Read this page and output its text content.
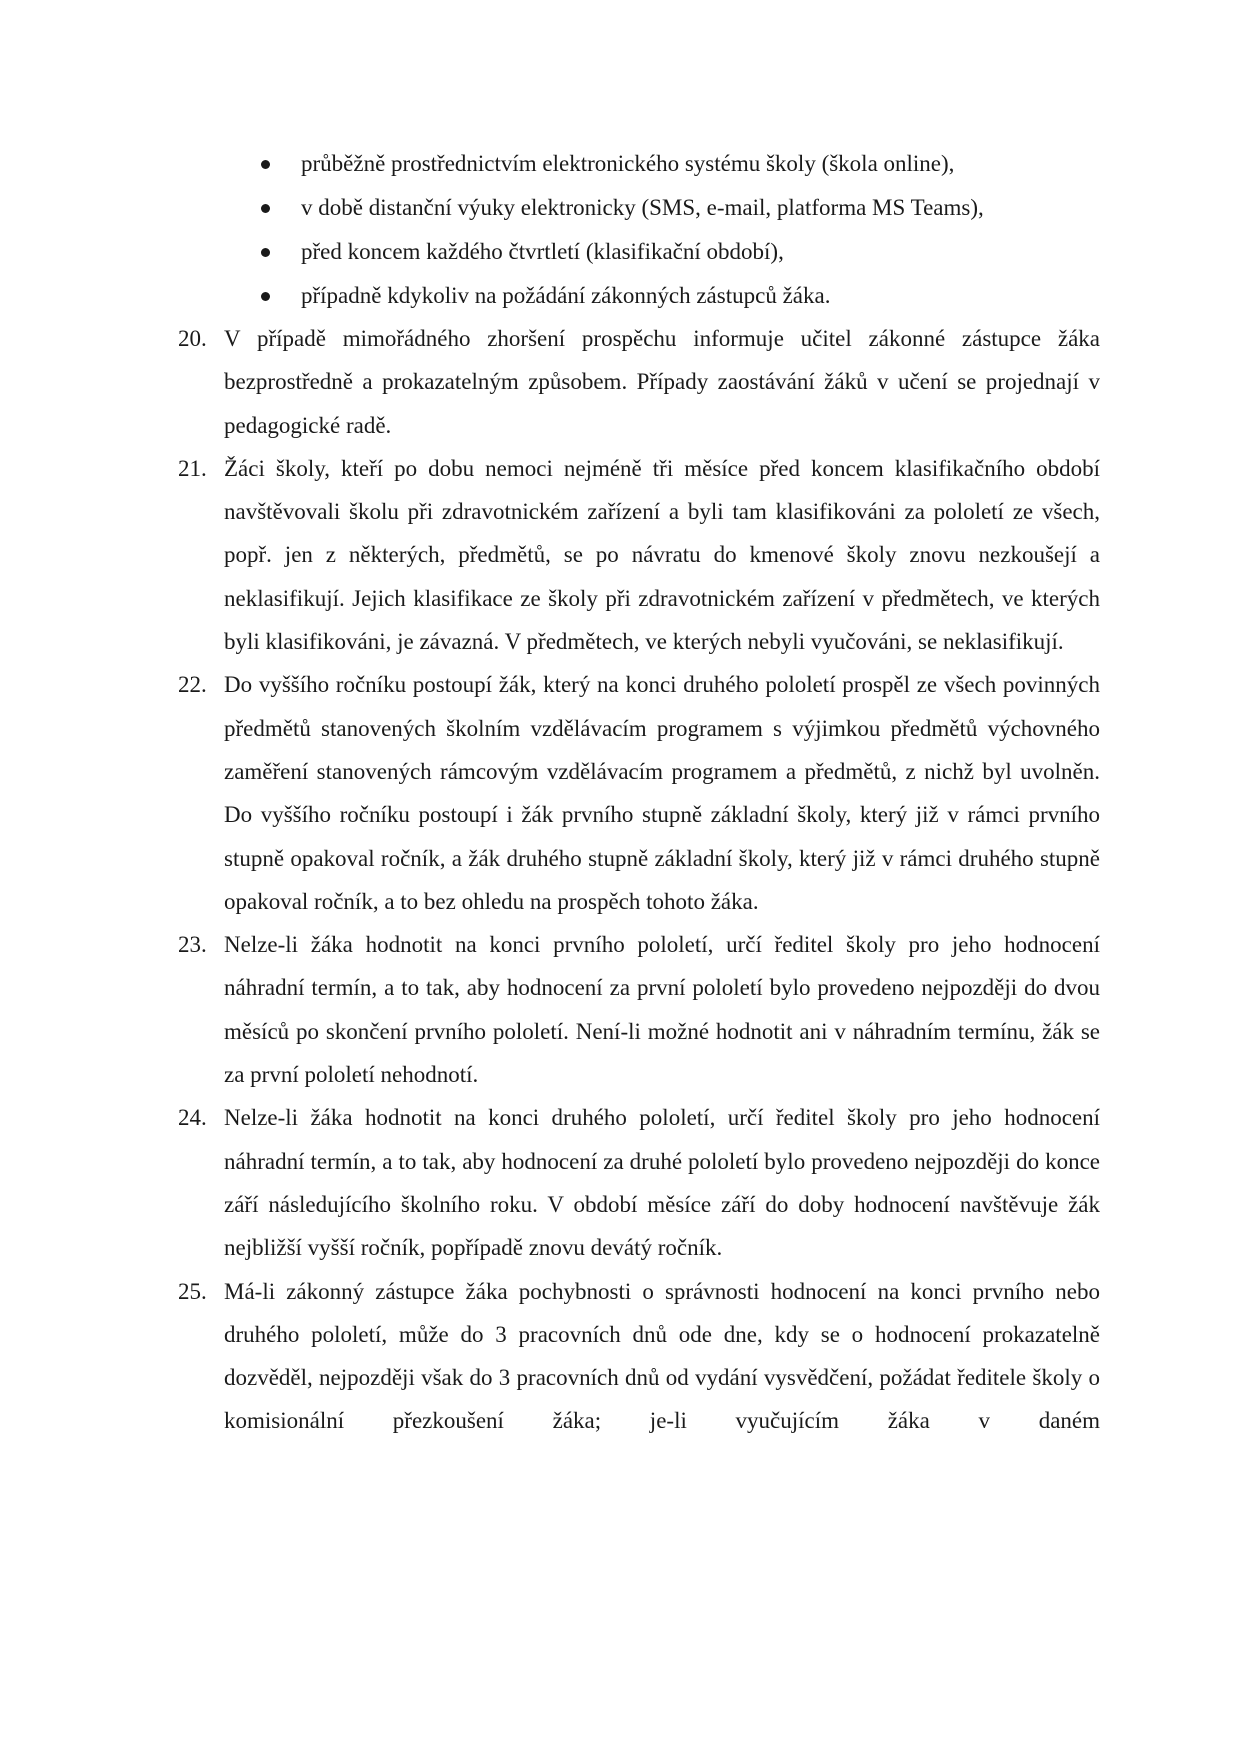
průběžně prostřednictvím elektronického systému školy (škola online),
v době distanční výuky elektronicky (SMS, e-mail, platforma MS Teams),
před koncem každého čtvrtletí (klasifikační období),
případně kdykoliv na požádání zákonných zástupců žáka.
20. V případě mimořádného zhoršení prospěchu informuje učitel zákonné zástupce žáka bezprostředně a prokazatelným způsobem. Případy zaostávání žáků v učení se projednají v pedagogické radě.
21. Žáci školy, kteří po dobu nemoci nejméně tři měsíce před koncem klasifikačního období navštěvovali školu při zdravotnickém zařízení a byli tam klasifikováni za pololetí ze všech, popř. jen z některých, předmětů, se po návratu do kmenové školy znovu nezkoušejí a neklasifikují. Jejich klasifikace ze školy při zdravotnickém zařízení v předmětech, ve kterých byli klasifikováni, je závazná. V předmětech, ve kterých nebyli vyučováni, se neklasifikují.
22. Do vyššího ročníku postoupí žák, který na konci druhého pololetí prospěl ze všech povinných předmětů stanovených školním vzdělávacím programem s výjimkou předmětů výchovného zaměření stanovených rámcovým vzdělávacím programem a předmětů, z nichž byl uvolněn. Do vyššího ročníku postoupí i žák prvního stupně základní školy, který již v rámci prvního stupně opakoval ročník, a žák druhého stupně základní školy, který již v rámci druhého stupně opakoval ročník, a to bez ohledu na prospěch tohoto žáka.
23. Nelze-li žáka hodnotit na konci prvního pololetí, určí ředitel školy pro jeho hodnocení náhradní termín, a to tak, aby hodnocení za první pololetí bylo provedeno nejpozději do dvou měsíců po skončení prvního pololetí. Není-li možné hodnotit ani v náhradním termínu, žák se za první pololetí nehodnotí.
24. Nelze-li žáka hodnotit na konci druhého pololetí, určí ředitel školy pro jeho hodnocení náhradní termín, a to tak, aby hodnocení za druhé pololetí bylo provedeno nejpozději do konce září následujícího školního roku. V období měsíce září do doby hodnocení navštěvuje žák nejbližší vyšší ročník, popřípadě znovu devátý ročník.
25. Má-li zákonný zástupce žáka pochybnosti o správnosti hodnocení na konci prvního nebo druhého pololetí, může do 3 pracovních dnů ode dne, kdy se o hodnocení prokazatelně dozvěděl, nejpozději však do 3 pracovních dnů od vydání vysvědčení, požádat ředitele školy o komisionální přezkoušení žáka; je-li vyučujícím žáka v daném
